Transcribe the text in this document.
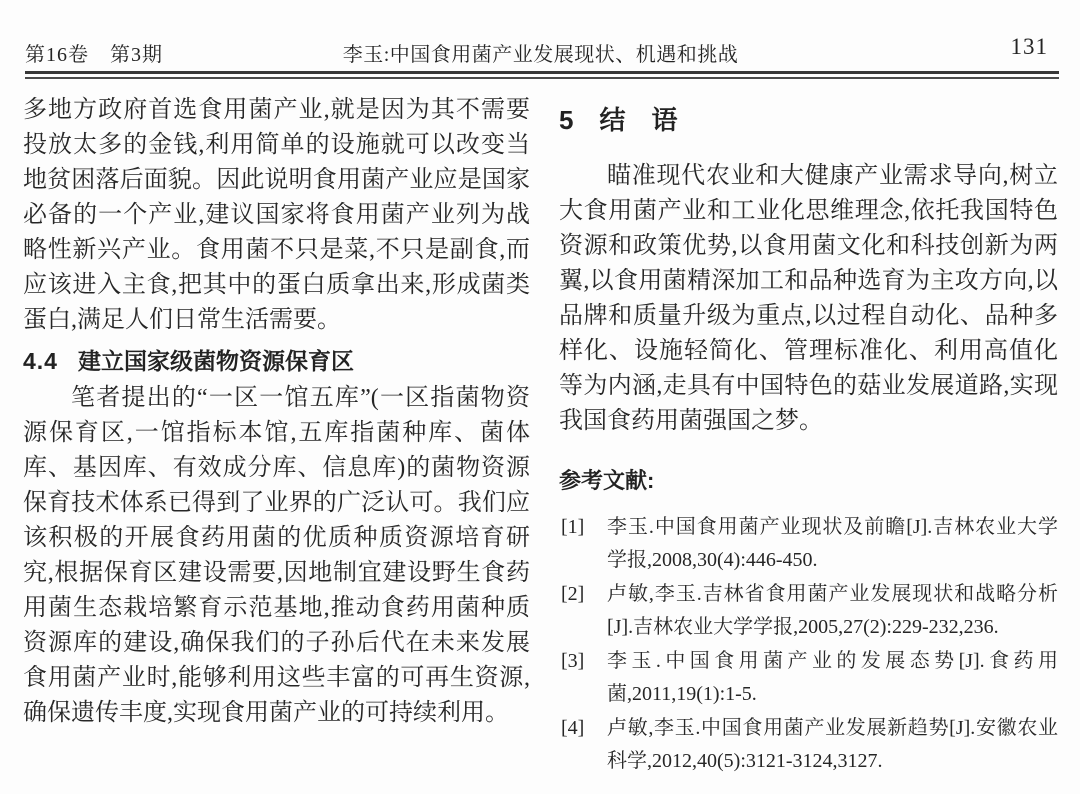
第16卷　第3期	李玉:中国食用菌产业发展现状、机遇和挑战	131

多地方政府首选食用菌产业,就是因为其不需要投放太多的金钱,利用简单的设施就可以改变当地贫困落后面貌。因此说明食用菌产业应是国家必备的一个产业,建议国家将食用菌产业列为战略性新兴产业。食用菌不只是菜,不只是副食,而应该进入主食,把其中的蛋白质拿出来,形成菌类蛋白,满足人们日常生活需要。

4.4 建立国家级菌物资源保育区

笔者提出的“一区一馆五库”(一区指菌物资源保育区,一馆指标本馆,五库指菌种库、菌体库、基因库、有效成分库、信息库)的菌物资源保育技术体系已得到了业界的广泛认可。我们应该积极的开展食药用菌的优质种质资源培育研究,根据保育区建设需要,因地制宜建设野生食药用菌生态栽培繁育示范基地,推动食药用菌种质资源库的建设,确保我们的子孙后代在未来发展食用菌产业时,能够利用这些丰富的可再生资源,确保遗传丰度,实现食用菌产业的可持续利用。

5 结　语

瞄准现代农业和大健康产业需求导向,树立大食用菌产业和工业化思维理念,依托我国特色资源和政策优势,以食用菌文化和科技创新为两翼,以食用菌精深加工和品种选育为主攻方向,以品牌和质量升级为重点,以过程自动化、品种多样化、设施轻简化、管理标准化、利用高值化等为内涵,走具有中国特色的菇业发展道路,实现我国食药用菌强国之梦。

参考文献:
[1] 李玉.中国食用菌产业现状及前瞻[J].吉林农业大学学报,2008,30(4):446-450.
[2] 卢敏,李玉.吉林省食用菌产业发展现状和战略分析[J].吉林农业大学学报,2005,27(2):229-232,236.
[3] 李玉.中国食用菌产业的发展态势[J].食药用菌,2011,19(1):1-5.
[4] 卢敏,李玉.中国食用菌产业发展新趋势[J].安徽农业科学,2012,40(5):3121-3124,3127.
